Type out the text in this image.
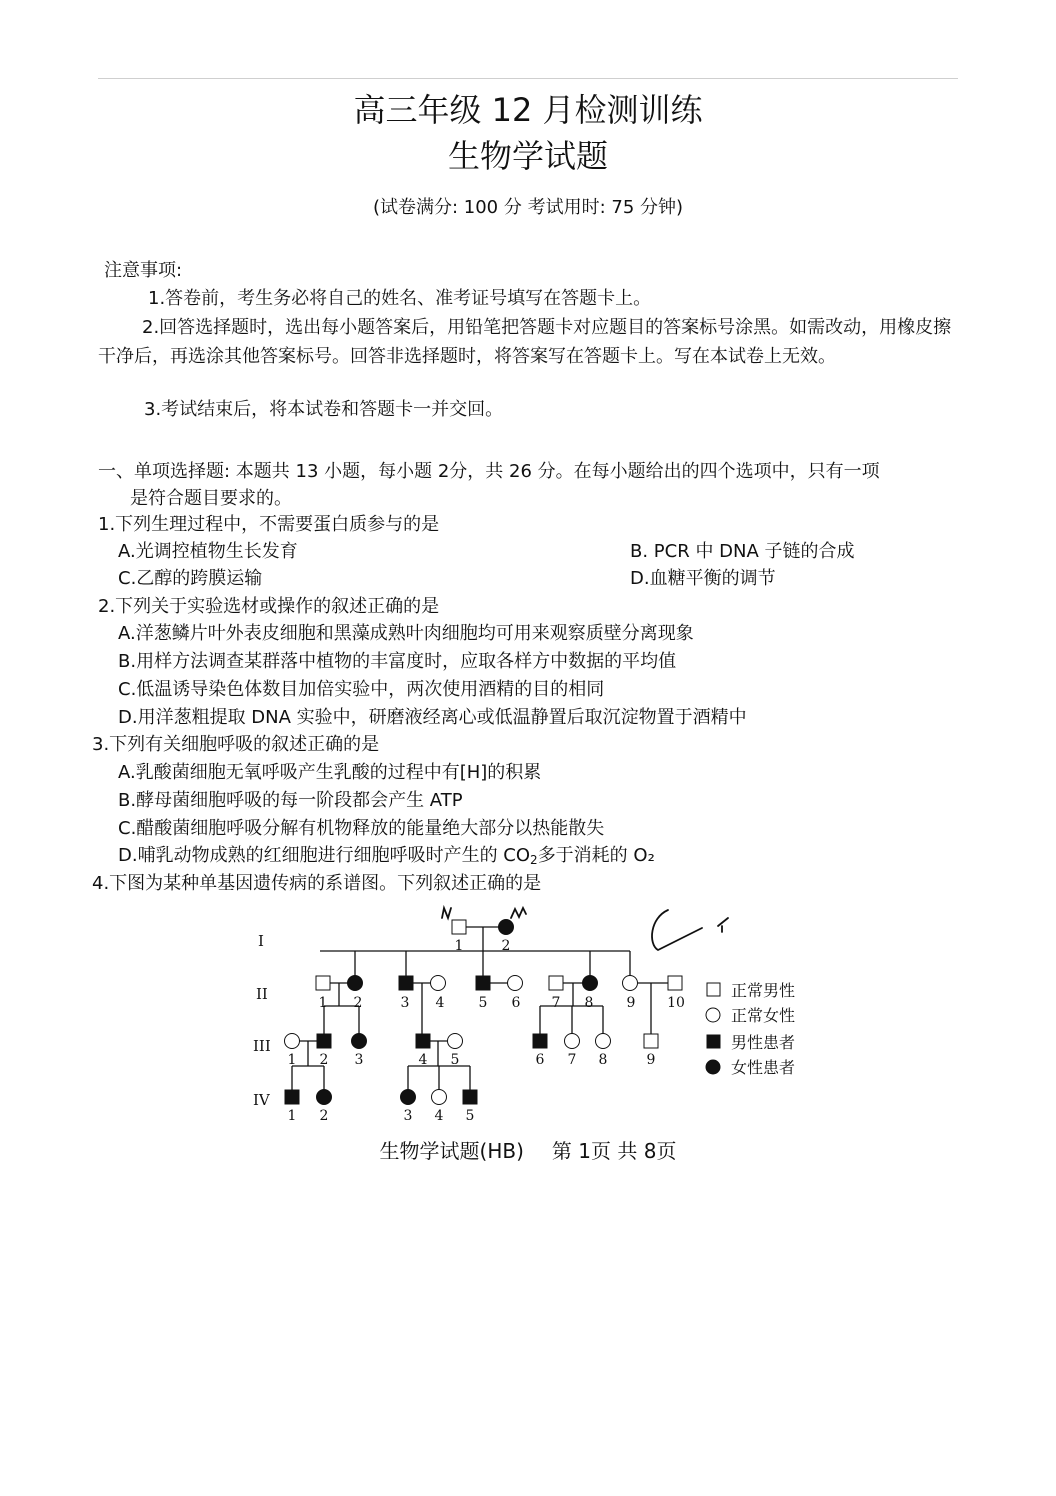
高三年级 12 月检测训练
生物学试题
(试卷满分: 100 分 考试用时: 75 分钟)
注意事项:
1.答卷前，考生务必将自己的姓名、准考证号填写在答题卡上。
2.回答选择题时，选出每小题答案后，用铅笔把答题卡对应题目的答案标号涂黑。如需改动，用橡皮擦干净后，再选涂其他答案标号。回答非选择题时，将答案写在答题卡上。写在本试卷上无效。
3.考试结束后，将本试卷和答题卡一并交回。
一、单项选择题: 本题共 13 小题，每小题 2分，共 26 分。在每小题给出的四个选项中，只有一项
是符合题目要求的。
1.下列生理过程中，不需要蛋白质参与的是
A.光调控植物生长发育	B. PCR 中 DNA 子链的合成
C.乙醇的跨膜运输	D.血糖平衡的调节
2.下列关于实验选材或操作的叙述正确的是
A.洋葱鳞片叶外表皮细胞和黑藻成熟叶肉细胞均可用来观察质壁分离现象
B.用样方法调查某群落中植物的丰富度时，应取各样方中数据的平均值
C.低温诱导染色体数目加倍实验中，两次使用酒精的目的相同
D.用洋葱粗提取 DNA 实验中，研磨液经离心或低温静置后取沉淀物置于酒精中
3.下列有关细胞呼吸的叙述正确的是
A.乳酸菌细胞无氧呼吸产生乳酸的过程中有[H]的积累
B.酵母菌细胞呼吸的每一阶段都会产生 ATP
C.醋酸菌细胞呼吸分解有机物释放的能量绝大部分以热能散失
D.哺乳动物成熟的红细胞进行细胞呼吸时产生的 CO2多于消耗的 O₂
4.下图为某种单基因遗传病的系谱图。下列叙述正确的是
I
II
III
IV
1	2
1 2	3 4 5 6 7 8 9 10
1 2 3	4 5	6 7 8	9
1 2	3 4 5
正常男性
正常女性
男性患者
女性患者
生物学试题(HB) 第 1页 共 8页
